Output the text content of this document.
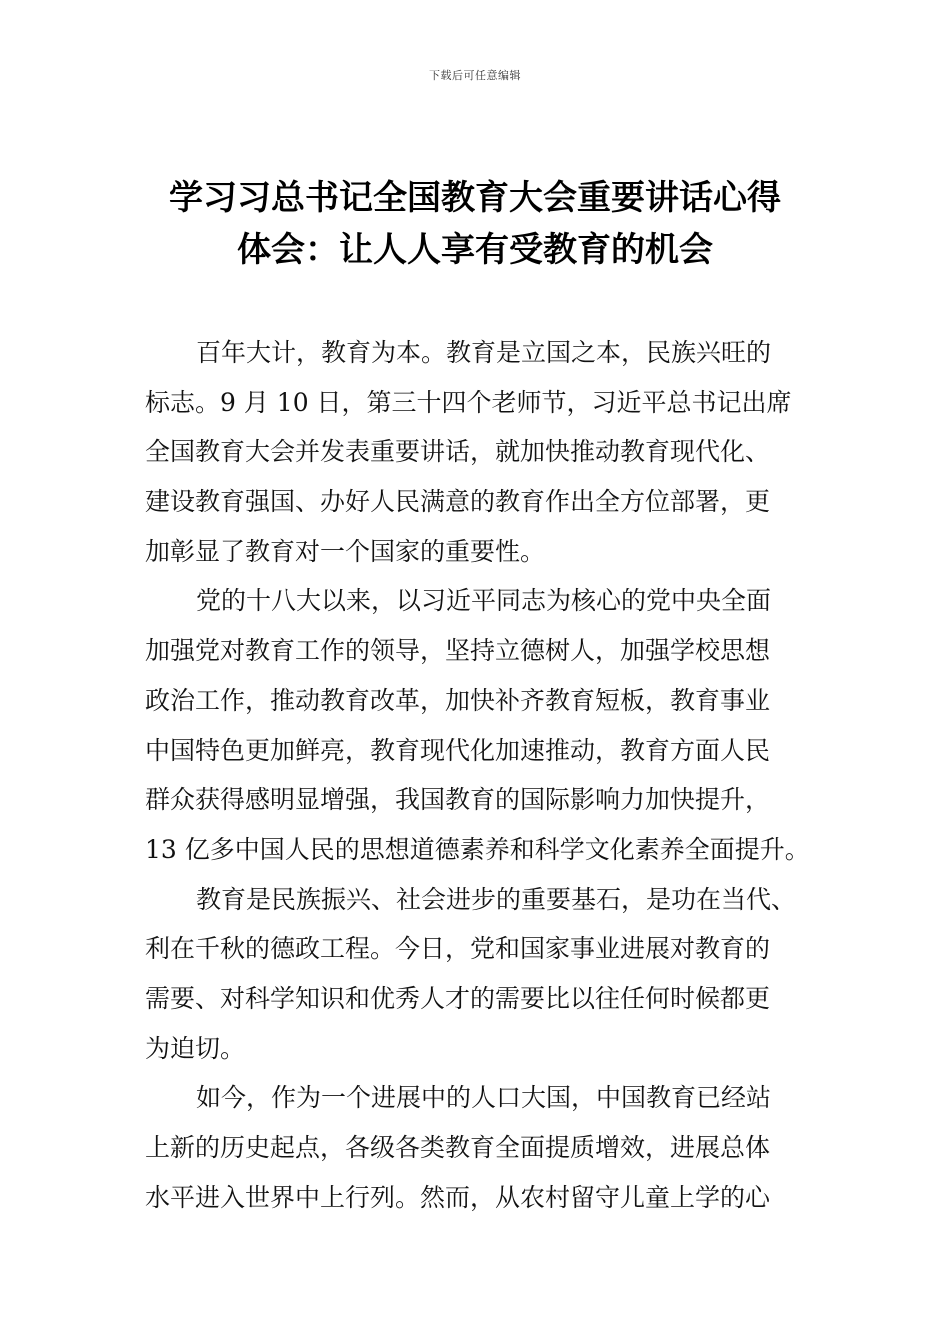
下载后可任意编辑
学习习总书记全国教育大会重要讲话心得
体会：让人人享有受教育的机会
百年大计，教育为本。教育是立国之本，民族兴旺的
标志。9 月 10 日，第三十四个老师节，习近平总书记出席
全国教育大会并发表重要讲话，就加快推动教育现代化、
建设教育强国、办好人民满意的教育作出全方位部署，更
加彰显了教育对一个国家的重要性。
党的十八大以来，以习近平同志为核心的党中央全面
加强党对教育工作的领导，坚持立德树人，加强学校思想
政治工作，推动教育改革，加快补齐教育短板，教育事业
中国特色更加鲜亮，教育现代化加速推动，教育方面人民
群众获得感明显增强，我国教育的国际影响力加快提升，
13 亿多中国人民的思想道德素养和科学文化素养全面提升。
教育是民族振兴、社会进步的重要基石，是功在当代、
利在千秋的德政工程。今日，党和国家事业进展对教育的
需要、对科学知识和优秀人才的需要比以往任何时候都更
为迫切。
如今，作为一个进展中的人口大国，中国教育已经站
上新的历史起点，各级各类教育全面提质增效，进展总体
水平进入世界中上行列。然而，从农村留守儿童上学的心
